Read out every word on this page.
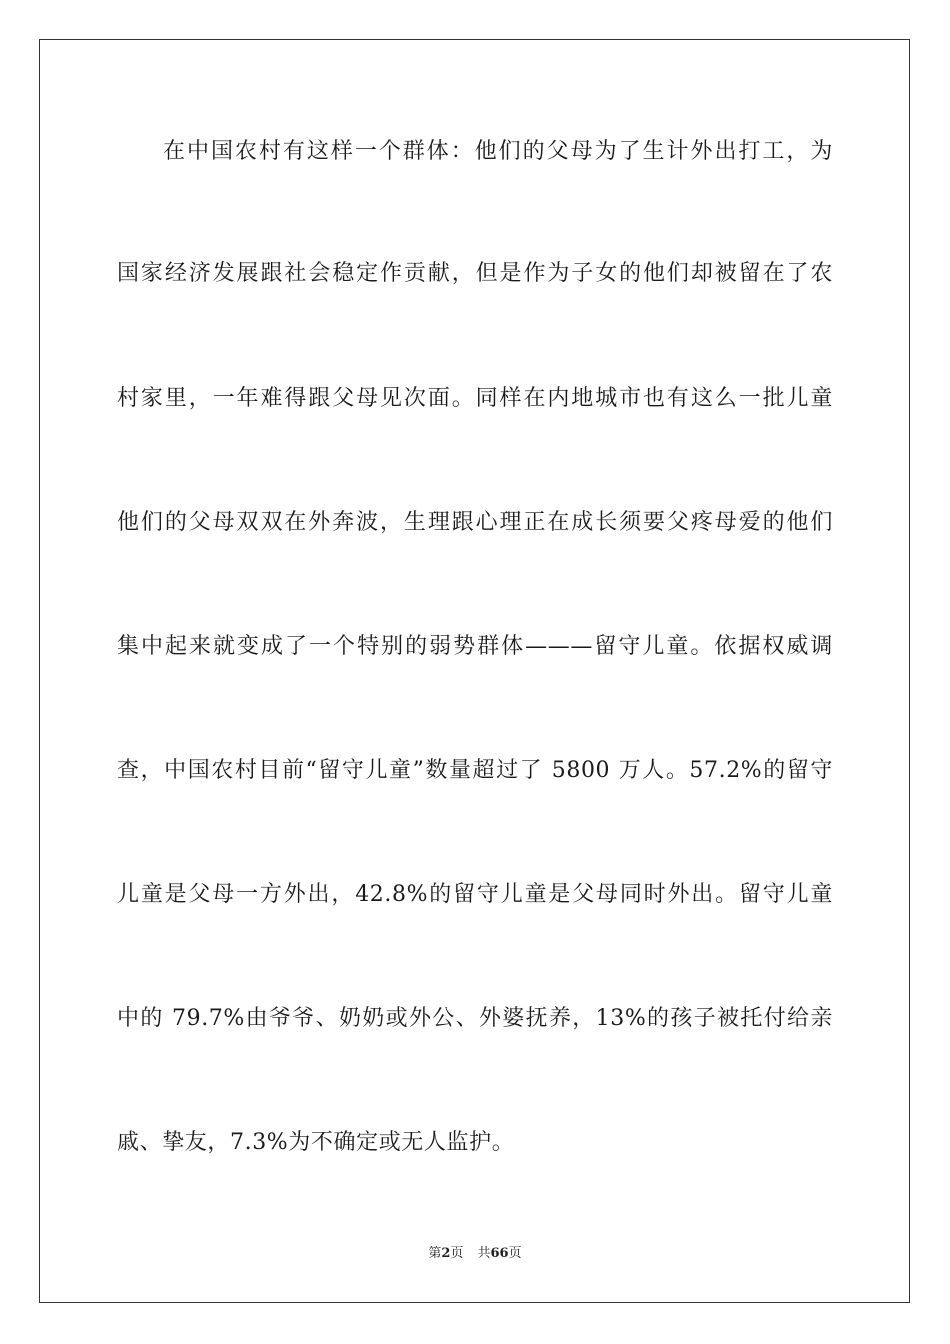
在中国农村有这样一个群体：他们的父母为了生计外出打工，为
国家经济发展跟社会稳定作贡献，但是作为子女的他们却被留在了农
村家里，一年难得跟父母见次面。同样在内地城市也有这么一批儿童
他们的父母双双在外奔波，生理跟心理正在成长须要父疼母爱的他们
集中起来就变成了一个特别的弱势群体———留守儿童。依据权威调
查，中国农村目前“留守儿童”数量超过了 5800 万人。57.2%的留守
儿童是父母一方外出，42.8%的留守儿童是父母同时外出。留守儿童
中的 79.7%由爷爷、奶奶或外公、外婆抚养，13%的孩子被托付给亲
戚、挚友，7.3%为不确定或无人监护。
第2页 共66页
